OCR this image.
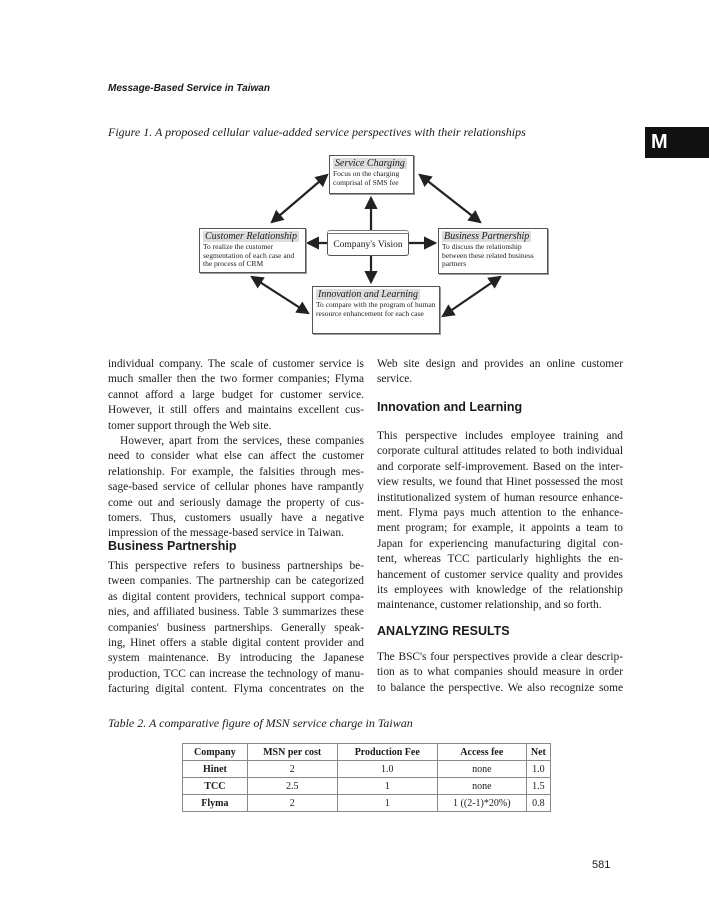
Message-Based Service in Taiwan
M
Figure 1. A proposed cellular value-added service perspectives with their relationships
Service Charging
Focus on the charging comprisal of SMS fee
Customer Relationship
To realize the customer segmentation of each case and the process of CRM
Business Partnership
To discuss the relationship between these related business partners
Innovation and Learning
To compare with the program of human resource enhancement for each case
Company's Vision
individual company. The scale of customer service is
much smaller then the two former companies; Flyma
cannot afford a large budget for customer service.
However, it still offers and maintains excellent cus-
tomer support through the Web site.
However, apart from the services, these companies
need to consider what else can affect the customer
relationship. For example, the falsities through mes-
sage-based service of cellular phones have rampantly
come out and seriously damage the property of cus-
tomers. Thus, customers usually have a negative
impression of the message-based service in Taiwan.
Business Partnership
This perspective refers to business partnerships be-
tween companies. The partnership can be categorized
as digital content providers, technical support compa-
nies, and affiliated business. Table 3 summarizes these
companies' business partnerships. Generally speak-
ing, Hinet offers a stable digital content provider and
system maintenance. By introducing the Japanese
production, TCC can increase the technology of manu-
facturing digital content. Flyma concentrates on the
Web site design and provides an online customer
service.
Innovation and Learning
This perspective includes employee training and
corporate cultural attitudes related to both individual
and corporate self-improvement. Based on the inter-
view results, we found that Hinet possessed the most
institutionalized system of human resource enhance-
ment. Flyma pays much attention to the enhance-
ment program; for example, it appoints a team to
Japan for experiencing manufacturing digital con-
tent, whereas TCC particularly highlights the en-
hancement of customer service quality and provides
its employees with knowledge of the relationship
maintenance, customer relationship, and so forth.
ANALYZING RESULTS
The BSC's four perspectives provide a clear descrip-
tion as to what companies should measure in order
to balance the perspective. We also recognize some
Table 2. A comparative figure of MSN service charge in Taiwan
Company	MSN per cost	Production Fee	Access fee	Net
Hinet	2	1.0	none	1.0
TCC	2.5	1	none	1.5
Flyma	2	1	1 ((2-1)*20%)	0.8
581
